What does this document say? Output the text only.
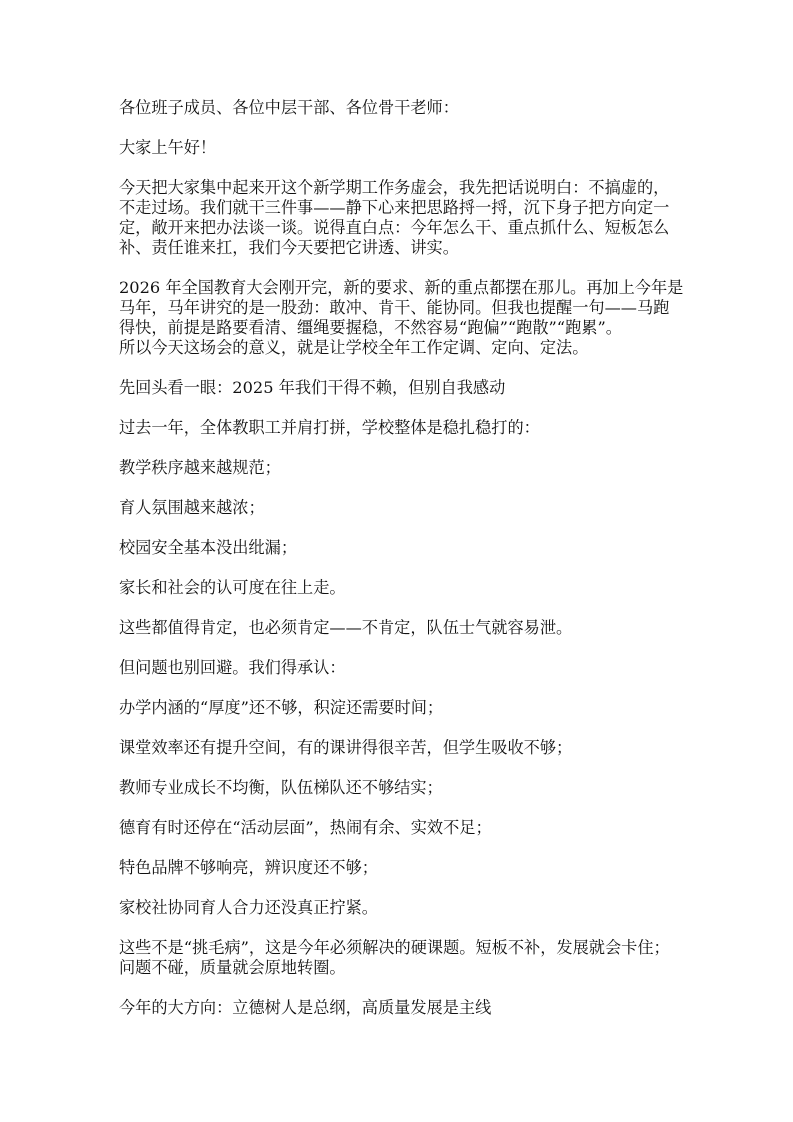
各位班子成员、各位中层干部、各位骨干老师：

大家上午好！

今天把大家集中起来开这个新学期工作务虚会，我先把话说明白：不搞虚的，
不走过场。我们就干三件事——静下心来把思路捋一捋，沉下身子把方向定一
定，敞开来把办法谈一谈。说得直白点：今年怎么干、重点抓什么、短板怎么
补、责任谁来扛，我们今天要把它讲透、讲实。

2026 年全国教育大会刚开完，新的要求、新的重点都摆在那儿。再加上今年是
马年，马年讲究的是一股劲：敢冲、肯干、能协同。但我也提醒一句——马跑
得快，前提是路要看清、缰绳要握稳，不然容易“跑偏”“跑散”“跑累”。
所以今天这场会的意义，就是让学校全年工作定调、定向、定法。

先回头看一眼：2025 年我们干得不赖，但别自我感动

过去一年，全体教职工并肩打拼，学校整体是稳扎稳打的：

教学秩序越来越规范；

育人氛围越来越浓；

校园安全基本没出纰漏；

家长和社会的认可度在往上走。

这些都值得肯定，也必须肯定——不肯定，队伍士气就容易泄。

但问题也别回避。我们得承认：

办学内涵的“厚度”还不够，积淀还需要时间；

课堂效率还有提升空间，有的课讲得很辛苦，但学生吸收不够；

教师专业成长不均衡，队伍梯队还不够结实；

德育有时还停在“活动层面”，热闹有余、实效不足；

特色品牌不够响亮，辨识度还不够；

家校社协同育人合力还没真正拧紧。

这些不是“挑毛病”，这是今年必须解决的硬课题。短板不补，发展就会卡住；
问题不碰，质量就会原地转圈。

今年的大方向：立德树人是总纲，高质量发展是主线
